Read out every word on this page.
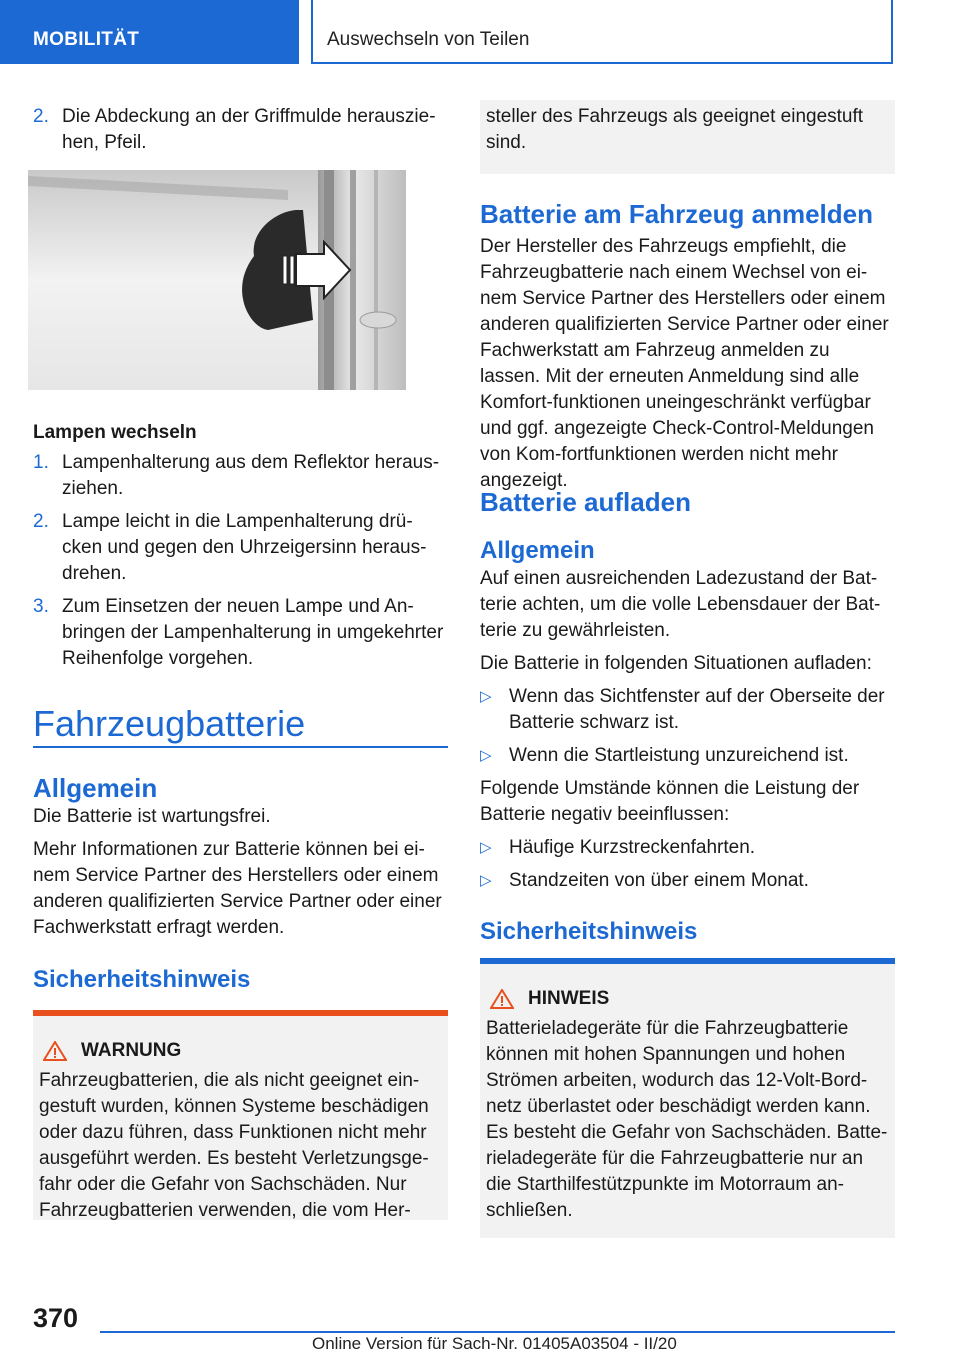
MOBILITÄT	Auswechseln von Teilen
2. Die Abdeckung an der Griffmulde herauszie-hen, Pfeil.
Lampen wechseln
1. Lampenhalterung aus dem Reflektor heraus-ziehen.
2. Lampe leicht in die Lampenhalterung drü-cken und gegen den Uhrzeigersinn heraus-drehen.
3. Zum Einsetzen der neuen Lampe und An-bringen der Lampenhalterung in umgekehrter Reihenfolge vorgehen.
Fahrzeugbatterie
Allgemein

Die Batterie ist wartungsfrei.

Mehr Informationen zur Batterie können bei ei-nem Service Partner des Herstellers oder einem anderen qualifizierten Service Partner oder einer Fachwerkstatt erfragt werden.

Sicherheitshinweis
WARNUNG
Fahrzeugbatterien, die als nicht geeignet ein-gestuft wurden, können Systeme beschädigen oder dazu führen, dass Funktionen nicht mehr ausgeführt werden. Es besteht Verletzungsge-fahr oder die Gefahr von Sachschäden. Nur Fahrzeugbatterien verwenden, die vom Her-
steller des Fahrzeugs als geeignet eingestuft sind.
Batterie am Fahrzeug anmelden

Der Hersteller des Fahrzeugs empfiehlt, die Fahrzeugbatterie nach einem Wechsel von ei-nem Service Partner des Herstellers oder einem anderen qualifizierten Service Partner oder einer Fachwerkstatt am Fahrzeug anmelden zu lassen. Mit der erneuten Anmeldung sind alle Komfort-funktionen uneingeschränkt verfügbar und ggf. angezeigte Check-Control-Meldungen von Kom-fortfunktionen werden nicht mehr angezeigt.

Batterie aufladen
Allgemein

Auf einen ausreichenden Ladezustand der Bat-terie achten, um die volle Lebensdauer der Bat-terie zu gewährleisten.

Die Batterie in folgenden Situationen aufladen:

▷ Wenn das Sichtfenster auf der Oberseite der Batterie schwarz ist.
▷ Wenn die Startleistung unzureichend ist.

Folgende Umstände können die Leistung der Batterie negativ beeinflussen:

▷ Häufige Kurzstreckenfahrten.
▷ Standzeiten von über einem Monat.
Sicherheitshinweis
HINWEIS
Batterieladegeräte für die Fahrzeugbatterie können mit hohen Spannungen und hohen Strömen arbeiten, wodurch das 12-Volt-Bord-netz überlastet oder beschädigt werden kann. Es besteht die Gefahr von Sachschäden. Batte-rieladegeräte für die Fahrzeugbatterie nur an die Starthilfestützpunkte im Motorraum an-schließen.
370
Online Version für Sach-Nr. 01405A03504 - II/20
